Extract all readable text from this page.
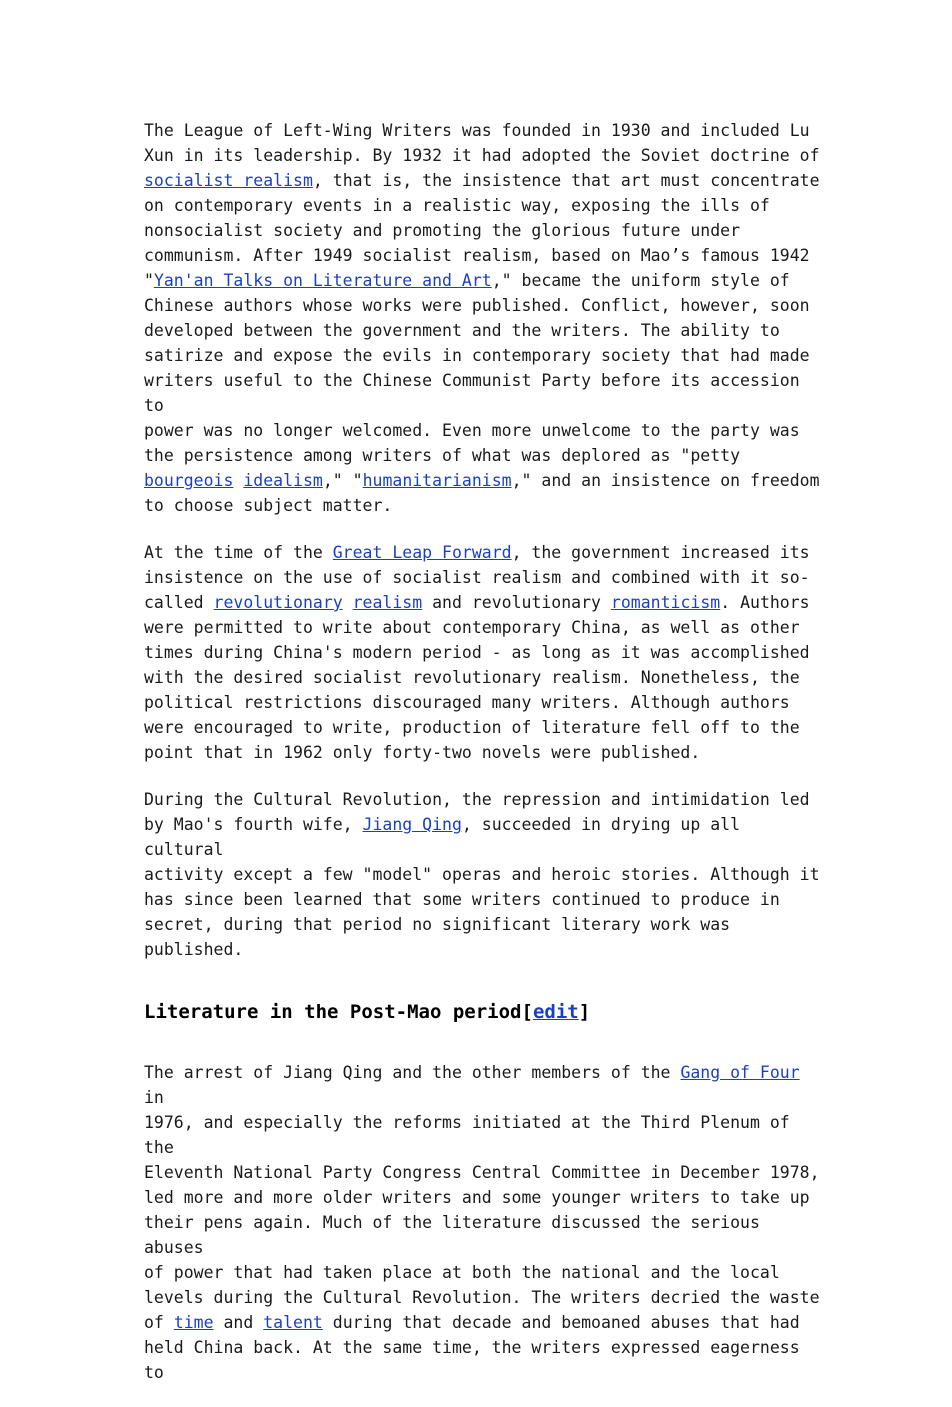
The League of Left-Wing Writers was founded in 1930 and included Lu
Xun in its leadership. By 1932 it had adopted the Soviet doctrine of
socialist realism, that is, the insistence that art must concentrate
on contemporary events in a realistic way, exposing the ills of
nonsocialist society and promoting the glorious future under
communism. After 1949 socialist realism, based on Mao’s famous 1942
"Yan'an Talks on Literature and Art," became the uniform style of
Chinese authors whose works were published. Conflict, however, soon
developed between the government and the writers. The ability to
satirize and expose the evils in contemporary society that had made
writers useful to the Chinese Communist Party before its accession to
power was no longer welcomed. Even more unwelcome to the party was
the persistence among writers of what was deplored as "petty
bourgeois idealism," "humanitarianism," and an insistence on freedom
to choose subject matter.

At the time of the Great Leap Forward, the government increased its
insistence on the use of socialist realism and combined with it so-
called revolutionary realism and revolutionary romanticism. Authors
were permitted to write about contemporary China, as well as other
times during China's modern period - as long as it was accomplished
with the desired socialist revolutionary realism. Nonetheless, the
political restrictions discouraged many writers. Although authors
were encouraged to write, production of literature fell off to the
point that in 1962 only forty-two novels were published.

During the Cultural Revolution, the repression and intimidation led
by Mao's fourth wife, Jiang Qing, succeeded in drying up all cultural
activity except a few "model" operas and heroic stories. Although it
has since been learned that some writers continued to produce in
secret, during that period no significant literary work was
published.

Literature in the Post-Mao period[edit]

The arrest of Jiang Qing and the other members of the Gang of Four in
1976, and especially the reforms initiated at the Third Plenum of the
Eleventh National Party Congress Central Committee in December 1978,
led more and more older writers and some younger writers to take up
their pens again. Much of the literature discussed the serious abuses
of power that had taken place at both the national and the local
levels during the Cultural Revolution. The writers decried the waste
of time and talent during that decade and bemoaned abuses that had
held China back. At the same time, the writers expressed eagerness to
